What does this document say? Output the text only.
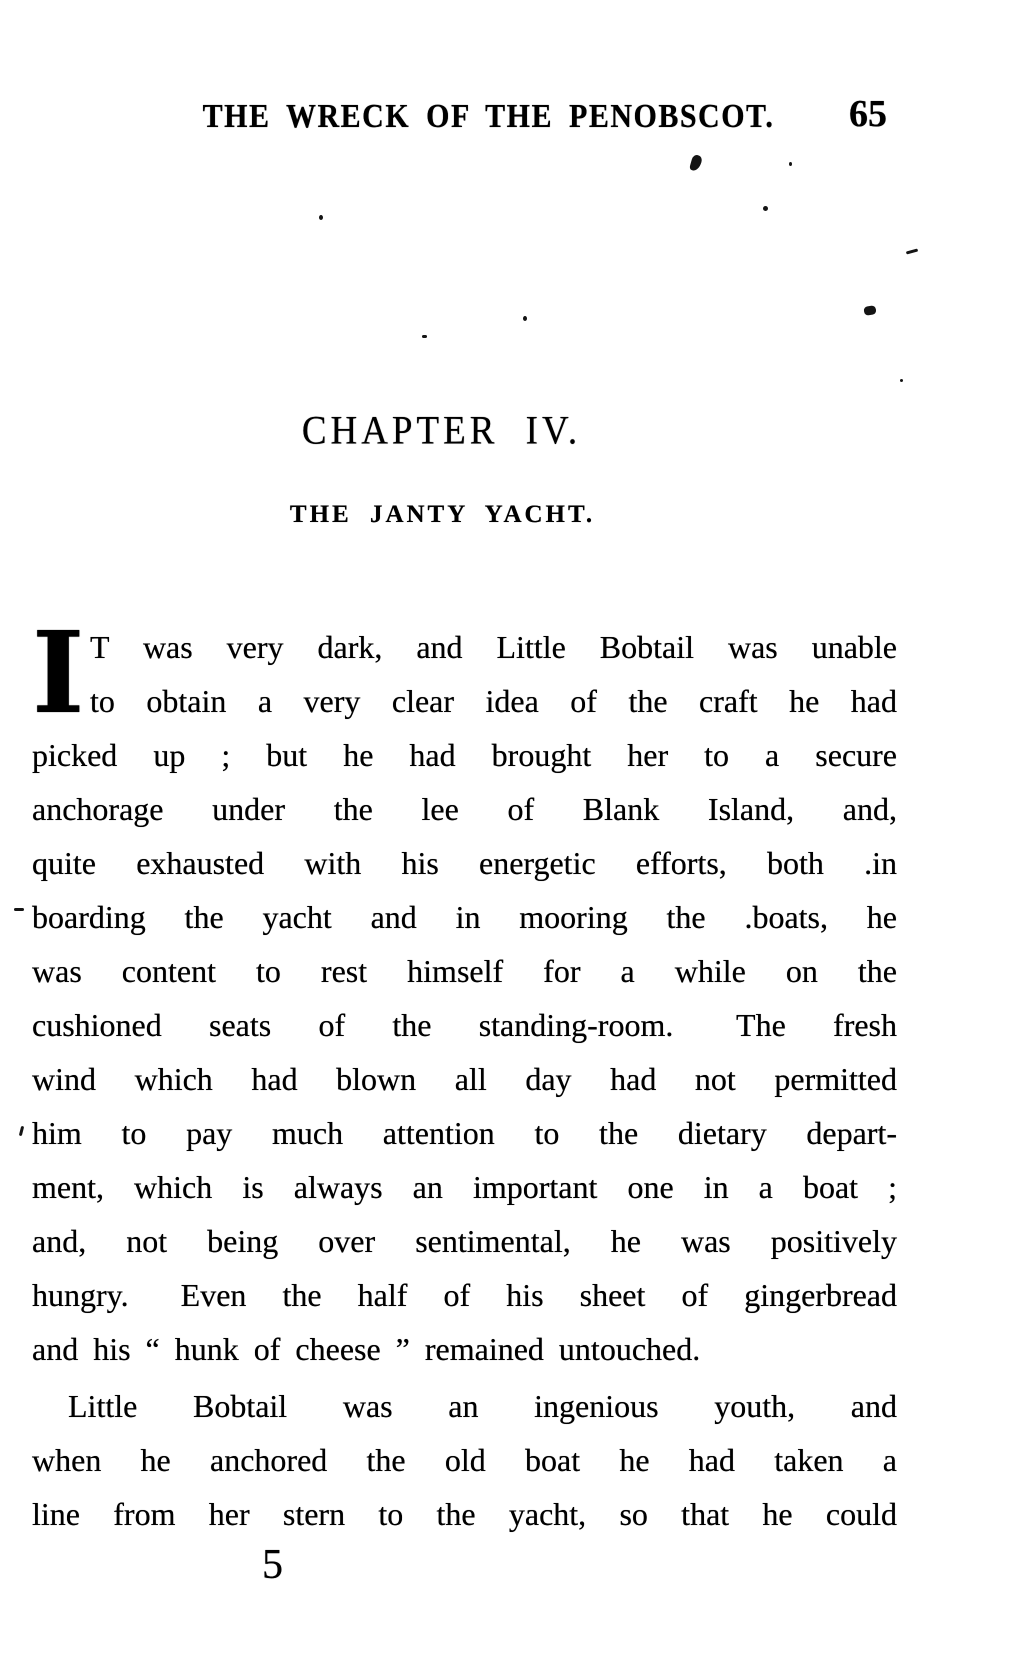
THE WRECK OF THE PENOBSCOT. 65
CHAPTER IV.
THE JANTY YACHT.
I T was very dark, and Little Bobtail was unable
to obtain a very clear idea of the craft he had
picked up ; but he had brought her to a secure
anchorage under the lee of Blank Island, and,
quite exhausted with his energetic efforts, both .in
boarding the yacht and in mooring the .boats, he
was content to rest himself for a while on the
cushioned seats of the standing-room.  The fresh
wind which had blown all day had not permitted
him to pay much attention to the dietary depart-
ment, which is always an important one in a boat ;
and, not being over sentimental, he was positively
hungry.  Even the half of his sheet of gingerbread
and his “ hunk of cheese ” remained untouched.
Little Bobtail was an ingenious youth, and
when he anchored the old boat he had taken a
line from her stern to the yacht, so that he could
5
